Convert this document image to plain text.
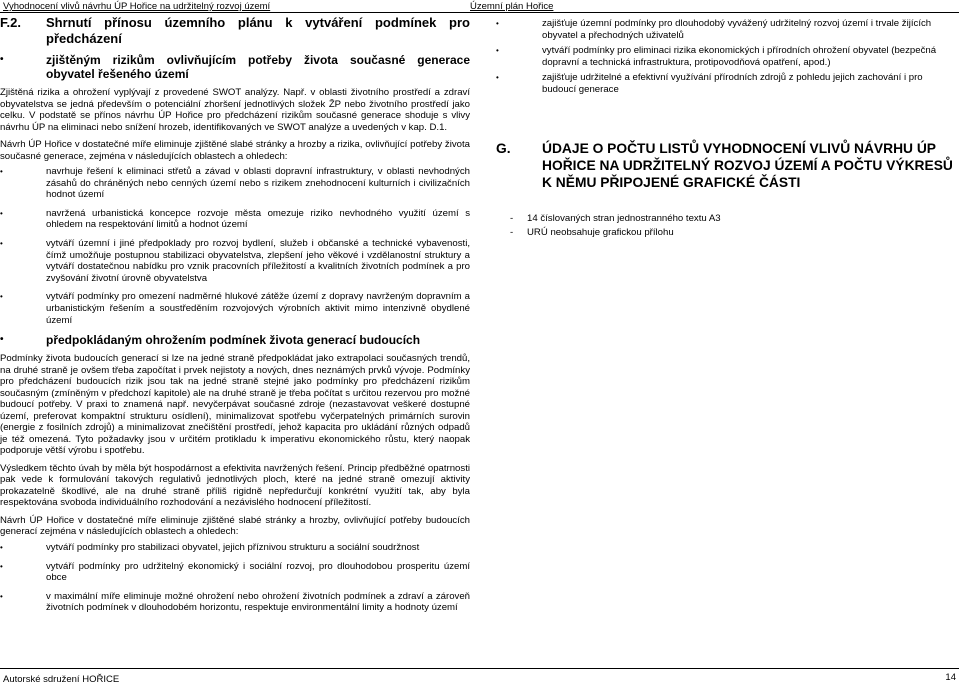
Vyhodnocení vlivů návrhu ÚP Hořice na udržitelný rozvoj území	Územní plán Hořice
F.2.	Shrnutí přínosu územního plánu k vytváření podmínek pro předcházení
•	zjištěným rizikům ovlivňujícím potřeby života současné generace obyvatel řešeného území

Zjištěná rizika a ohrožení vyplývají z provedené SWOT analýzy. Např. v oblasti životního prostředí a zdraví obyvatelstva se jedná především o potenciální zhoršení jednotlivých složek ŽP nebo životního prostředí jako celku. V podstatě se přínos návrhu ÚP Hořice pro předcházení rizikům současné generace shoduje s vlivy návrhu ÚP na eliminaci nebo snížení hrozeb, identifikovaných ve SWOT analýze a uvedených v kap. D.1.

Návrh ÚP Hořice v dostatečné míře eliminuje zjištěné slabé stránky a hrozby a rizika, ovlivňující potřeby života současné generace, zejména v následujících oblastech a ohledech:

•	navrhuje řešení k eliminaci střetů a závad v oblasti dopravní infrastruktury, v oblasti nevhodných zásahů do chráněných nebo cenných území nebo s rizikem znehodnocení kulturních i civilizačních hodnot území
•	navržená urbanistická koncepce rozvoje města omezuje riziko nevhodného využití území s ohledem na respektování limitů a hodnot území
•	vytváří územní i jiné předpoklady pro rozvoj bydlení, služeb i občanské a technické vybavenosti, čímž umožňuje postupnou stabilizaci obyvatelstva, zlepšení jeho věkové i vzdělanostní struktury a vytváří dostatečnou nabídku pro vznik pracovních příležitostí a kvalitních životních podmínek a pro zvyšování životní úrovně obyvatelstva
•	vytváří podmínky pro omezení nadměrné hlukové zátěže území z dopravy navrženým dopravním a urbanistickým řešením a soustředěním rozvojových výrobních aktivit mimo intenzivně obydlené území
•	předpokládaným ohrožením podmínek života generací budoucích

Podmínky života budoucích generací si lze na jedné straně předpokládat jako extrapolaci současných trendů, na druhé straně je ovšem třeba započítat i prvek nejistoty a nových, dnes neznámých prvků vývoje. Podmínky pro předcházení budoucích rizik jsou tak na jedné straně stejné jako podmínky pro předcházení rizikům současným (zmíněným v předchozí kapitole) ale na druhé straně je třeba počítat s určitou rezervou pro možné budoucí potřeby. V praxi to znamená např. nevyčerpávat současné zdroje (nezastavovat veškeré dostupné území, preferovat kompaktní strukturu osídlení), minimalizovat spotřebu vyčerpatelných primárních surovin (energie z fosilních zdrojů) a minimalizovat znečištění prostředí, jehož kapacita pro ukládání různých odpadů je též omezená. Tyto požadavky jsou v určitém protikladu k imperativu ekonomického růstu, který naopak podporuje větší výrobu i spotřebu.

Výsledkem těchto úvah by měla být hospodárnost a efektivita navržených řešení. Princip předběžné opatrnosti pak vede k formulování takových regulativů jednotlivých ploch, které na jedné straně omezují aktivity prokazatelně škodlivé, ale na druhé straně příliš rigidně nepředurčují konkrétní využití tak, aby byla respektována svoboda individuálního rozhodování a nezávislého hodnocení příležitostí.

Návrh ÚP Hořice v dostatečné míře eliminuje zjištěné slabé stránky a hrozby, ovlivňující potřeby budoucích generací zejména v následujících oblastech a ohledech:

•	vytváří podmínky pro stabilizaci obyvatel, jejich příznivou strukturu a sociální soudržnost
•	vytváří podmínky pro udržitelný ekonomický i sociální rozvoj, pro dlouhodobou prosperitu území obce
•	v maximální míře eliminuje možné ohrožení nebo ohrožení životních podmínek a zdraví a zároveň životních podmínek v dlouhodobém horizontu, respektuje environmentální limity a hodnoty území
•	zajišťuje územní podmínky pro dlouhodobý vyvážený udržitelný rozvoj území i trvale žijících obyvatel a přechodných uživatelů
•	vytváří podmínky pro eliminaci rizika ekonomických i přírodních ohrožení obyvatel (bezpečná dopravní a technická infrastruktura, protipovodňová opatření, apod.)
•	zajišťuje udržitelné a efektivní využívání přírodních zdrojů z pohledu jejich zachování i pro budoucí generace
G.	ÚDAJE O POČTU LISTŮ VYHODNOCENÍ VLIVŮ NÁVRHU ÚP HOŘICE NA UDRŽITELNÝ ROZVOJ ÚZEMÍ A POČTU VÝKRESŮ K NĚMU PŘIPOJENÉ GRAFICKÉ ČÁSTI
-	14 číslovaných stran jednostranného textu A3
-	URÚ neobsahuje grafickou přílohu
Autorské sdružení HOŘICE	14
